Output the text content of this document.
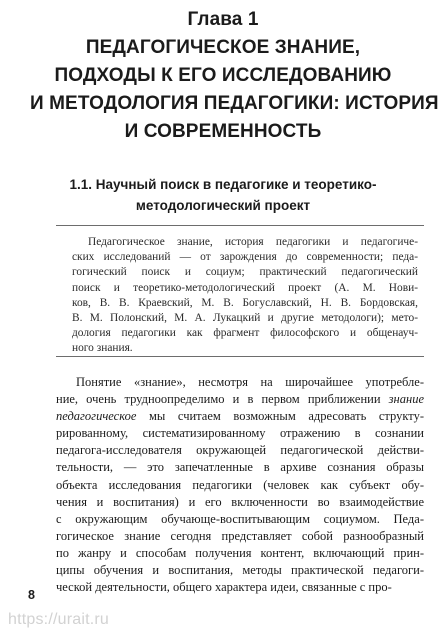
Глава 1
ПЕДАГОГИЧЕСКОЕ ЗНАНИЕ,
ПОДХОДЫ К ЕГО ИССЛЕДОВАНИЮ
И МЕТОДОЛОГИЯ ПЕДАГОГИКИ: ИСТОРИЯ
И СОВРЕМЕННОСТЬ
1.1. Научный поиск в педагогике и теоретико-
методологический проект
Педагогическое знание, история педагогики и педагогиче-
ских исследований — от зарождения до современности; педа-
гогический поиск и социум; практический педагогический
поиск и теоретико-методологический проект (А. М. Нови-
ков, В. В. Краевский, М. В. Богуславский, Н. В. Бордовская,
В. М. Полонский, М. А. Лукацкий и другие методологи); мето-
дология педагогики как фрагмент философского и общенауч-
ного знания.
Понятие «знание», несмотря на широчайшее употребле-
ние, очень трудноопределимо и в первом приближении знание
педагогическое мы считаем возможным адресовать структу-
рированному, систематизированному отражению в сознании
педагога-исследователя окружающей педагогической действи-
тельности, — это запечатленные в архиве сознания образы
объекта исследования педагогики (человек как субъект обу-
чения и воспитания) и его включенности во взаимодействие
с окружающим обучающе-воспитывающим социумом. Педа-
гогическое знание сегодня представляет собой разнообразный
по жанру и способам получения контент, включающий прин-
ципы обучения и воспитания, методы практической педагоги-
ческой деятельности, общего характера идеи, связанные с про-
8
https://urait.ru
